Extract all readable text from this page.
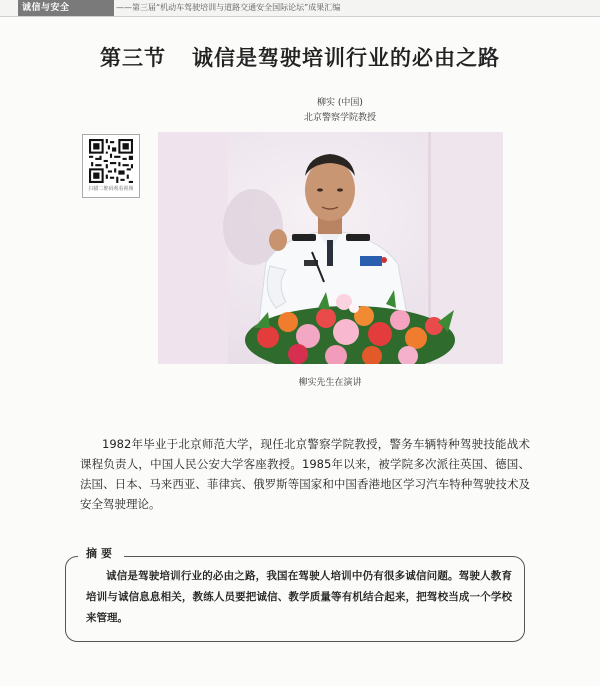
诚信与安全	——第三届“机动车驾驶培训与道路交通安全国际论坛”成果汇编
第三节 诚信是驾驶培训行业的必由之路
柳实 (中国)
北京警察学院教授
扫描二维码观看视频
柳实先生在演讲

1982年毕业于北京师范大学，现任北京警察学院教授，警务车辆特种驾驶技能战术课程负责人，中国人民公安大学客座教授。1985年以来，被学院多次派往英国、德国、法国、日本、马来西亚、菲律宾、俄罗斯等国家和中国香港地区学习汽车特种驾驶技术及安全驾驶理论。

摘要

诚信是驾驶培训行业的必由之路，我国在驾驶人培训中仍有很多诚信问题。驾驶人教育培训与诚信息息相关，教练人员要把诚信、教学质量等有机结合起来，把驾校当成一个学校来管理。
